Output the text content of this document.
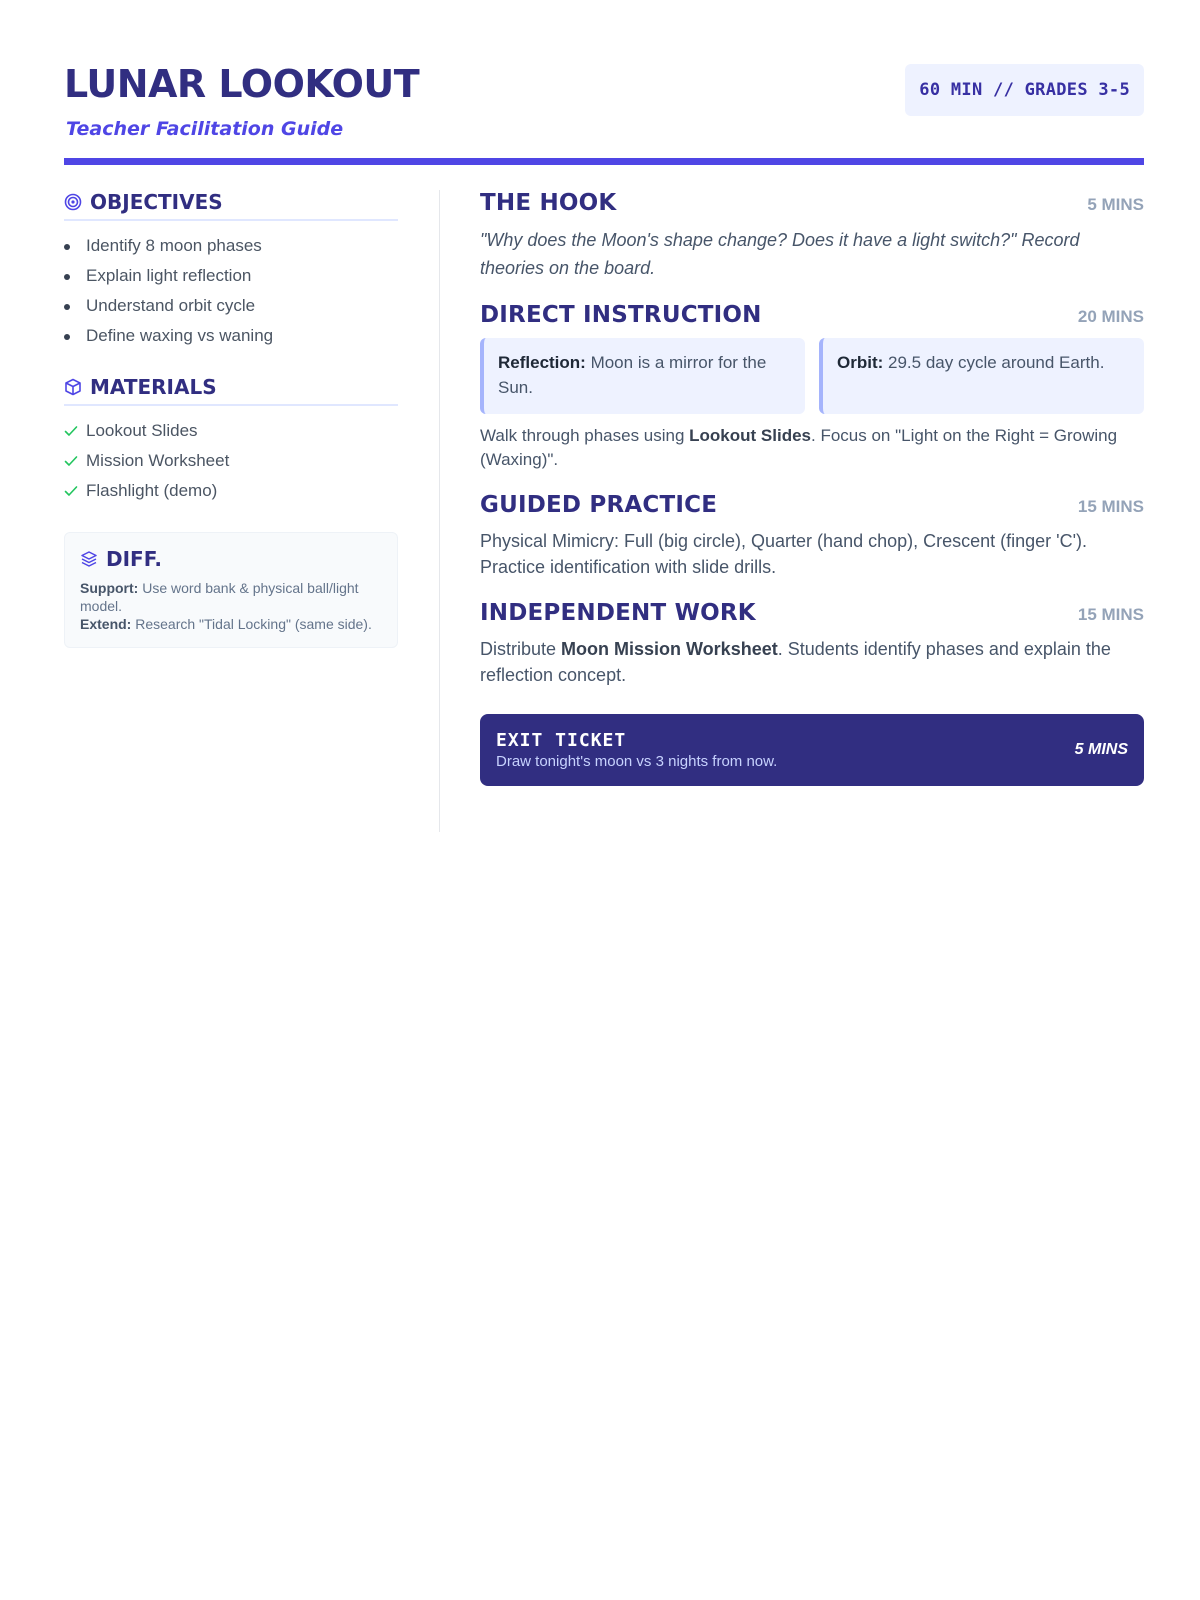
LUNAR LOOKOUT
Teacher Facilitation Guide
60 MIN // GRADES 3-5
OBJECTIVES
Identify 8 moon phases
Explain light reflection
Understand orbit cycle
Define waxing vs waning
MATERIALS
Lookout Slides
Mission Worksheet
Flashlight (demo)
DIFF.
Support: Use word bank & physical ball/light model.
Extend: Research "Tidal Locking" (same side).
THE HOOK	5 MINS
"Why does the Moon's shape change? Does it have a light switch?" Record theories on the board.
DIRECT INSTRUCTION	20 MINS
Reflection: Moon is a mirror for the Sun.
Orbit: 29.5 day cycle around Earth.
Walk through phases using Lookout Slides. Focus on "Light on the Right = Growing (Waxing)".
GUIDED PRACTICE	15 MINS
Physical Mimicry: Full (big circle), Quarter (hand chop), Crescent (finger 'C'). Practice identification with slide drills.
INDEPENDENT WORK	15 MINS
Distribute Moon Mission Worksheet. Students identify phases and explain the reflection concept.
EXIT TICKET
Draw tonight's moon vs 3 nights from now.
5 MINS
